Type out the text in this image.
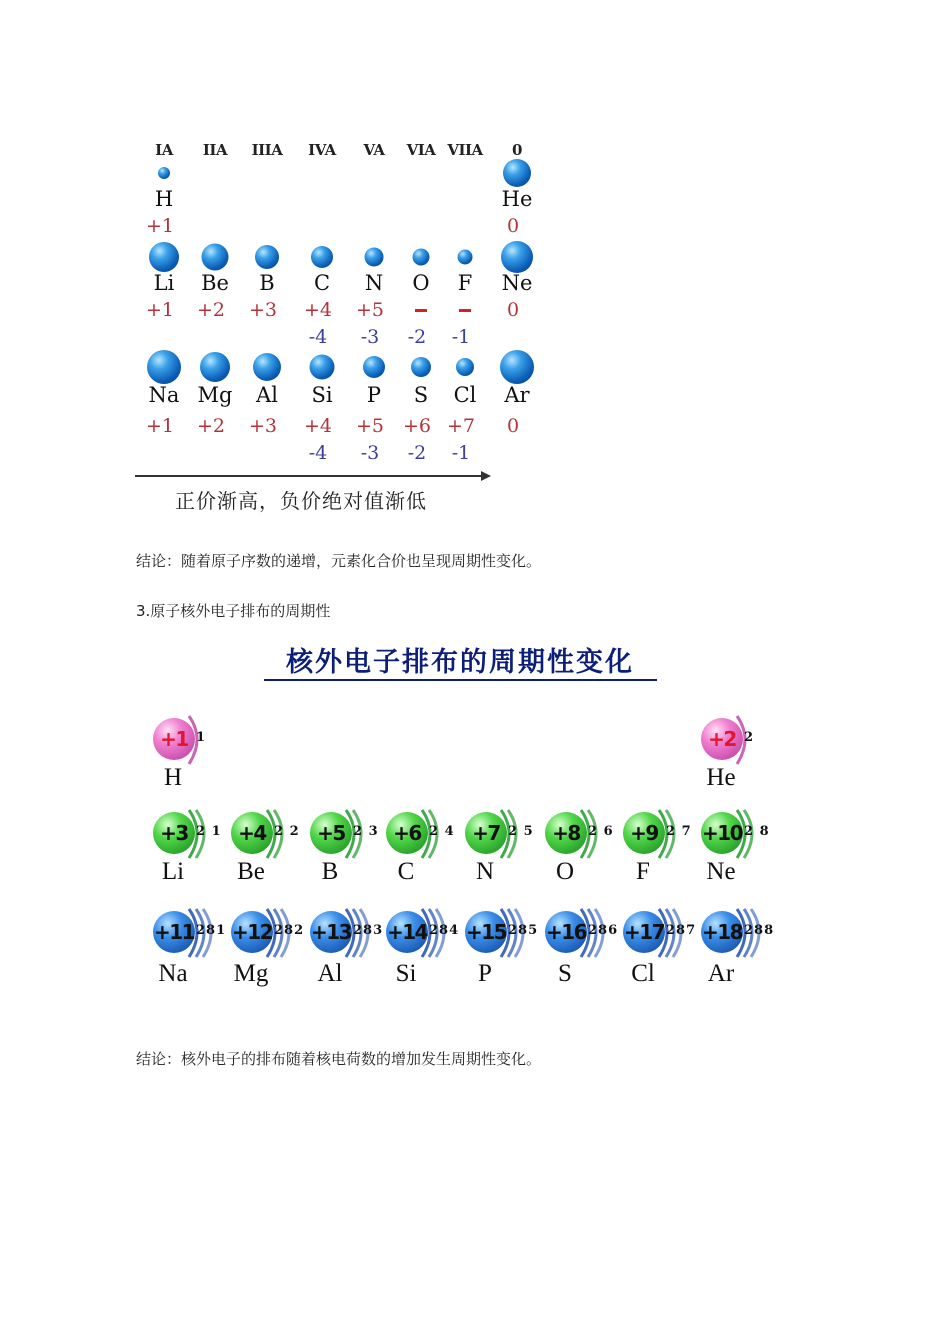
IA IIA IIIA IVA VA VIA VIIA 0
H
+1
He
0
Li
+1
Be
+2
B
+3
C
+4
-4
N
+5
-3
O
-2
F
-1
Ne
0
Na
+1
Mg
+2
Al
+3
Si
+4
-4
P
+5
-3
S
+6
-2
Cl
+7
-1
Ar
0
正价渐高，负价绝对值渐低
结论：随着原子序数的递增，元素化合价也呈现周期性变化。
3.原子核外电子排布的周期性
核外电子排布的周期性变化
+1 1
H
+2 2
He
+3 2 1
Li
+4 2 2
Be
+5 2 3
B
+6 2 4
C
+7 2 5
N
+8 2 6
O
+9 2 7
F
+10 2 8
Ne
+11 281
Na
+12 282
Mg
+13 283
Al
+14 284
Si
+15 285
P
+16 286
S
+17 287
Cl
+18 288
Ar
结论：核外电子的排布随着核电荷数的增加发生周期性变化。
